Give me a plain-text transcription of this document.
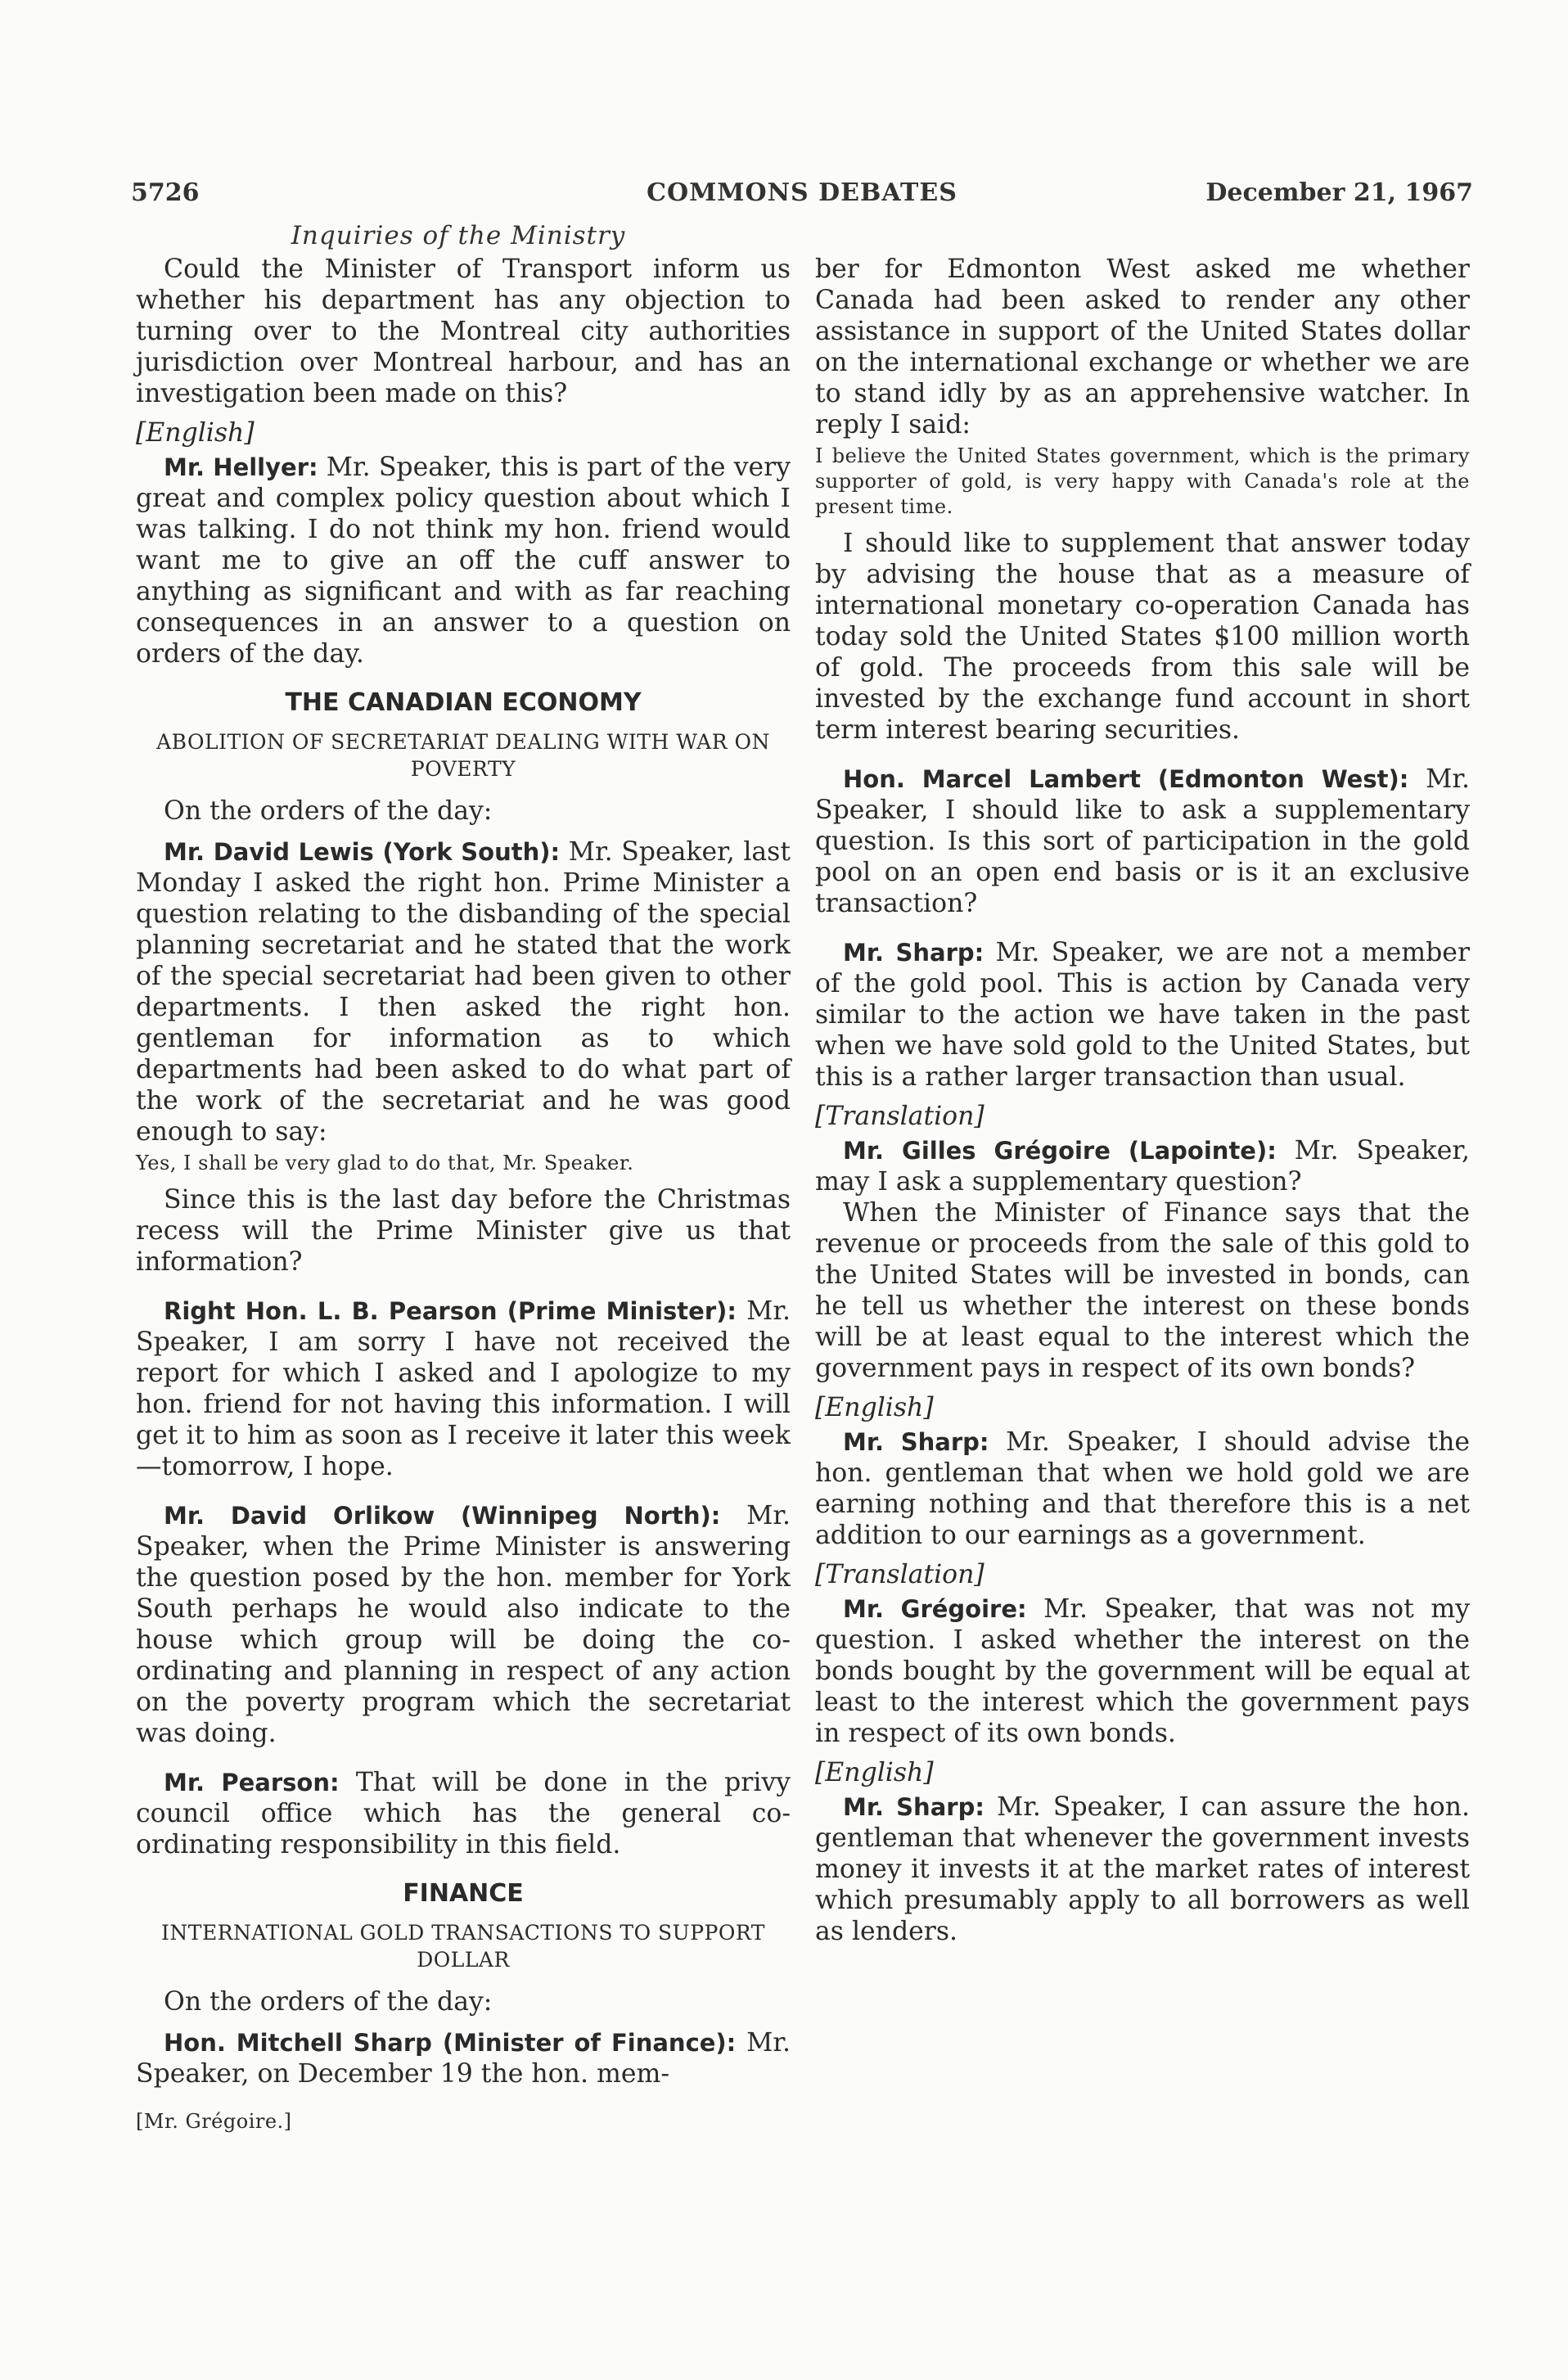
5726	COMMONS DEBATES	December 21, 1967
Inquiries of the Ministry

Could the Minister of Transport inform us whether his department has any objection to turning over to the Montreal city authorities jurisdiction over Montreal harbour, and has an investigation been made on this?

[English]

Mr. Hellyer: Mr. Speaker, this is part of the very great and complex policy question about which I was talking. I do not think my hon. friend would want me to give an off the cuff answer to anything as significant and with as far reaching consequences in an answer to a question on orders of the day.

THE CANADIAN ECONOMY
ABOLITION OF SECRETARIAT DEALING WITH WAR ON POVERTY

On the orders of the day:

Mr. David Lewis (York South): Mr. Speaker, last Monday I asked the right hon. Prime Minister a question relating to the disbanding of the special planning secretariat and he stated that the work of the special secretariat had been given to other departments. I then asked the right hon. gentleman for information as to which departments had been asked to do what part of the work of the secretariat and he was good enough to say:

Yes, I shall be very glad to do that, Mr. Speaker.

Since this is the last day before the Christmas recess will the Prime Minister give us that information?

Right Hon. L. B. Pearson (Prime Minister): Mr. Speaker, I am sorry I have not received the report for which I asked and I apologize to my hon. friend for not having this information. I will get it to him as soon as I receive it later this week—tomorrow, I hope.

Mr. David Orlikow (Winnipeg North): Mr. Speaker, when the Prime Minister is answering the question posed by the hon. member for York South perhaps he would also indicate to the house which group will be doing the co-ordinating and planning in respect of any action on the poverty program which the secretariat was doing.

Mr. Pearson: That will be done in the privy council office which has the general co-ordinating responsibility in this field.

FINANCE
INTERNATIONAL GOLD TRANSACTIONS TO SUPPORT DOLLAR

On the orders of the day:

Hon. Mitchell Sharp (Minister of Finance): Mr. Speaker, on December 19 the hon. mem-

[Mr. Grégoire.]

ber for Edmonton West asked me whether Canada had been asked to render any other assistance in support of the United States dollar on the international exchange or whether we are to stand idly by as an apprehensive watcher. In reply I said:

I believe the United States government, which is the primary supporter of gold, is very happy with Canada's role at the present time.

I should like to supplement that answer today by advising the house that as a measure of international monetary co-operation Canada has today sold the United States $100 million worth of gold. The proceeds from this sale will be invested by the exchange fund account in short term interest bearing securities.

Hon. Marcel Lambert (Edmonton West): Mr. Speaker, I should like to ask a supplementary question. Is this sort of participation in the gold pool on an open end basis or is it an exclusive transaction?

Mr. Sharp: Mr. Speaker, we are not a member of the gold pool. This is action by Canada very similar to the action we have taken in the past when we have sold gold to the United States, but this is a rather larger transaction than usual.

[Translation]

Mr. Gilles Grégoire (Lapointe): Mr. Speaker, may I ask a supplementary question?

When the Minister of Finance says that the revenue or proceeds from the sale of this gold to the United States will be invested in bonds, can he tell us whether the interest on these bonds will be at least equal to the interest which the government pays in respect of its own bonds?

[English]

Mr. Sharp: Mr. Speaker, I should advise the hon. gentleman that when we hold gold we are earning nothing and that therefore this is a net addition to our earnings as a government.

[Translation]

Mr. Grégoire: Mr. Speaker, that was not my question. I asked whether the interest on the bonds bought by the government will be equal at least to the interest which the government pays in respect of its own bonds.

[English]

Mr. Sharp: Mr. Speaker, I can assure the hon. gentleman that whenever the government invests money it invests it at the market rates of interest which presumably apply to all borrowers as well as lenders.
